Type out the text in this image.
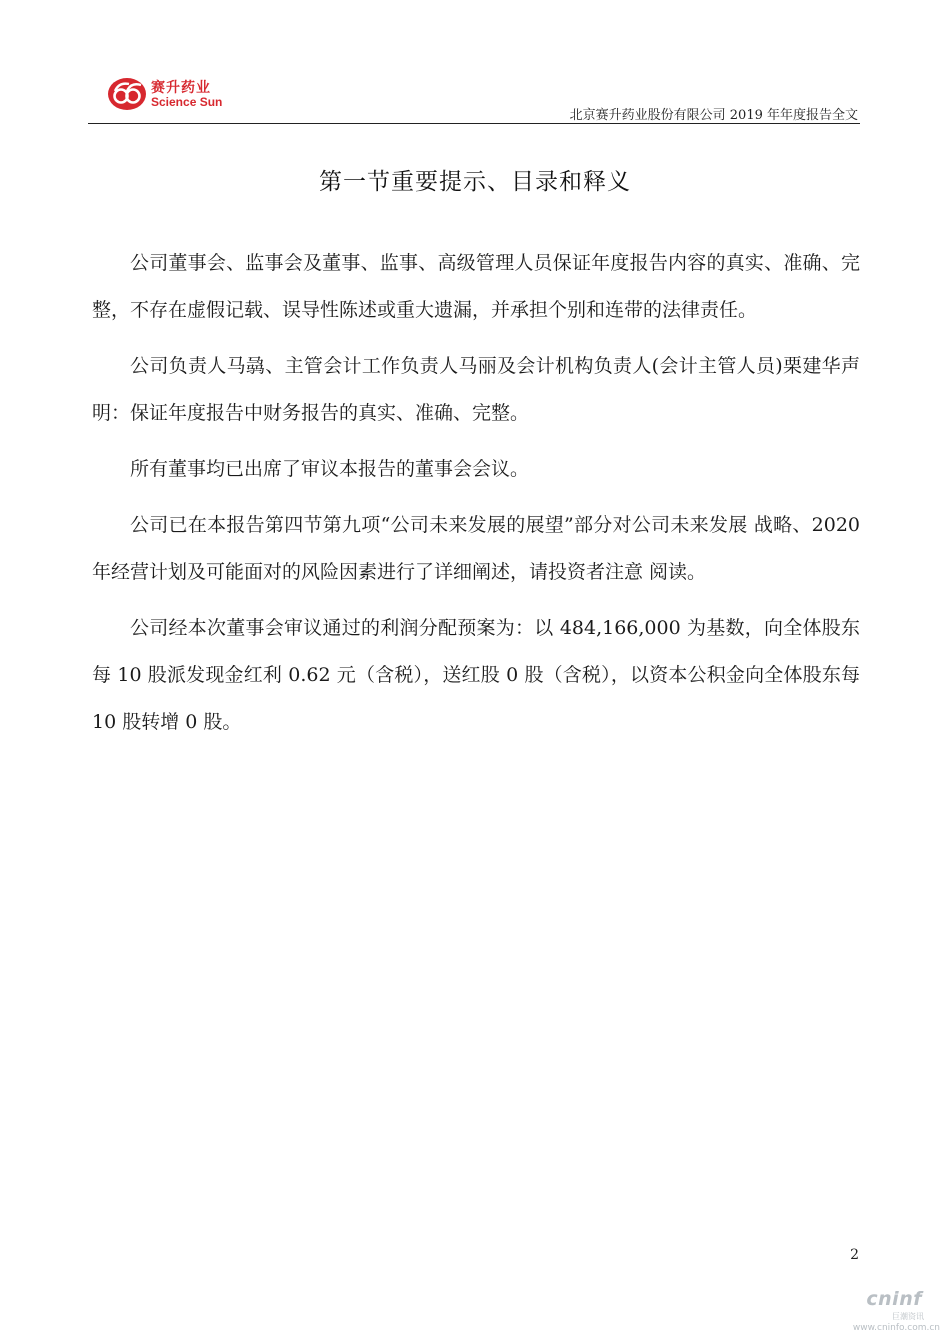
赛升药业
Science Sun
北京赛升药业股份有限公司 2019 年年度报告全文
第一节重要提示、目录和释义

公司董事会、监事会及董事、监事、高级管理人员保证年度报告内容的真实、准确、完整，不存在虚假记载、误导性陈述或重大遗漏，并承担个别和连带的法律责任。

公司负责人马骉、主管会计工作负责人马丽及会计机构负责人(会计主管人员)栗建华声明：保证年度报告中财务报告的真实、准确、完整。

所有董事均已出席了审议本报告的董事会会议。

公司已在本报告第四节第九项“公司未来发展的展望”部分对公司未来发展 战略、2020 年经营计划及可能面对的风险因素进行了详细阐述，请投资者注意 阅读。

公司经本次董事会审议通过的利润分配预案为：以 484,166,000 为基数，向全体股东每 10 股派发现金红利 0.62 元（含税），送红股 0 股（含税），以资本公积金向全体股东每 10 股转增 0 股。

2
cninf
巨潮资讯
www.cninfo.com.cn
